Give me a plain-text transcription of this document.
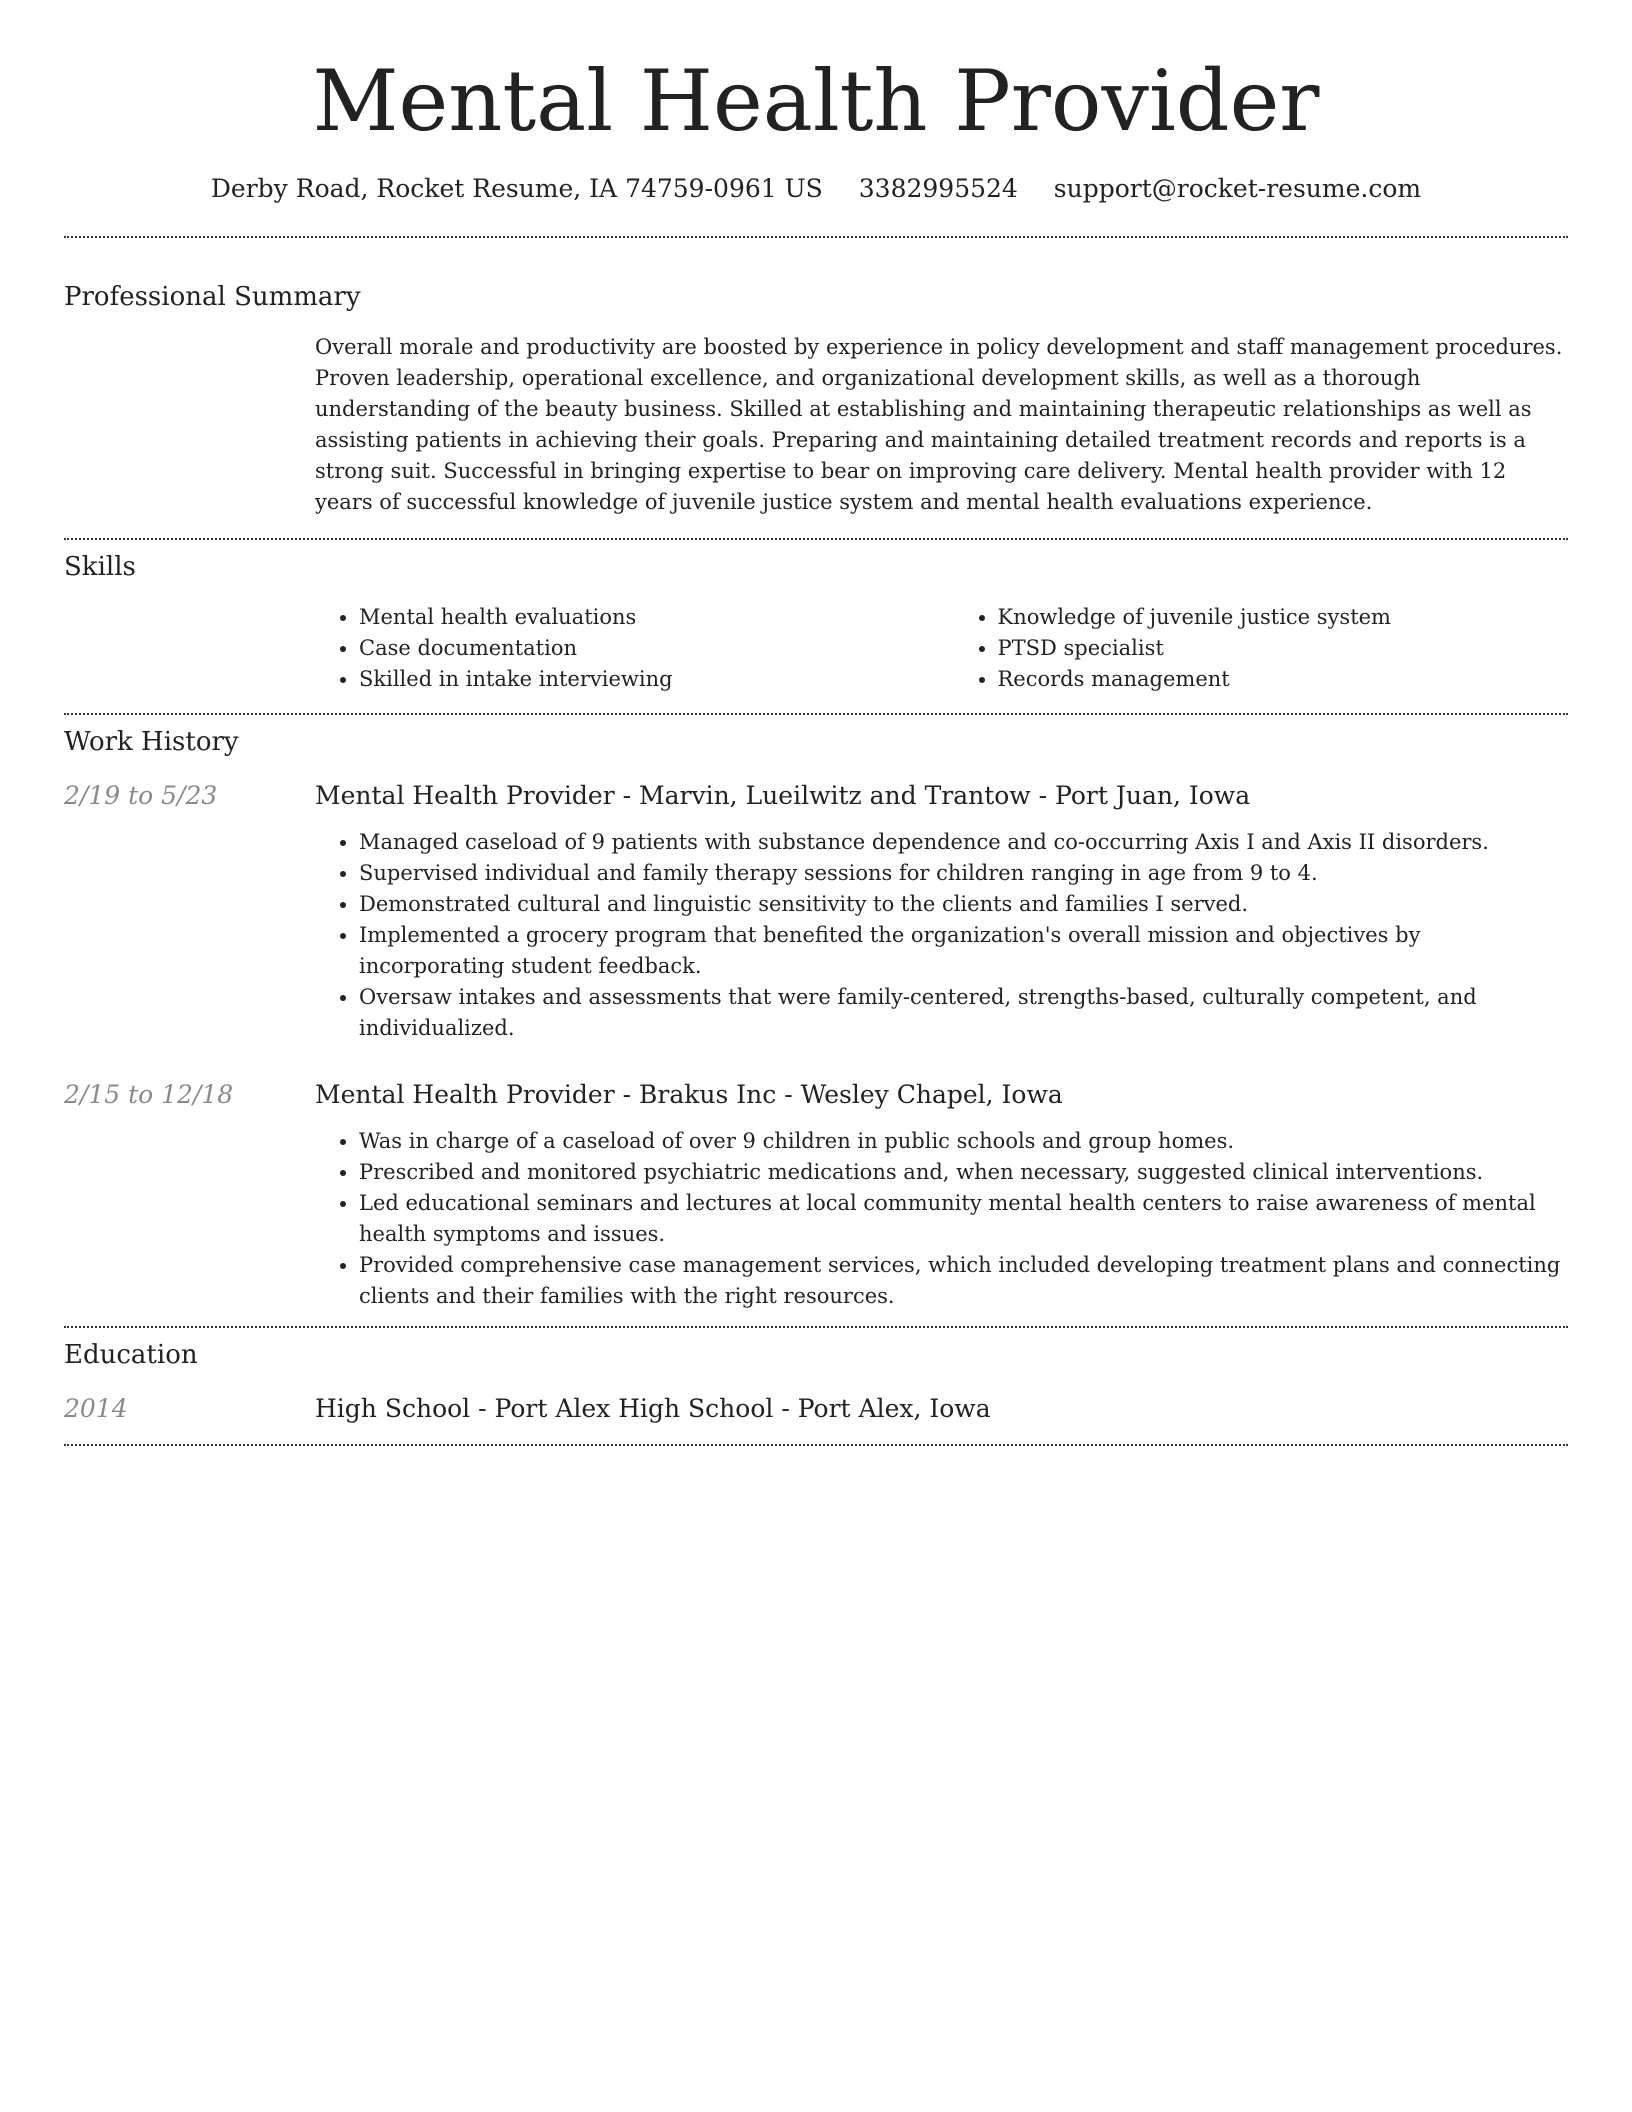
Mental Health Provider
Derby Road, Rocket Resume, IA 74759-0961 US 3382995524 support@rocket-resume.com
Professional Summary

Overall morale and productivity are boosted by experience in policy development and staff management procedures. Proven leadership, operational excellence, and organizational development skills, as well as a thorough understanding of the beauty business. Skilled at establishing and maintaining therapeutic relationships as well as assisting patients in achieving their goals. Preparing and maintaining detailed treatment records and reports is a strong suit. Successful in bringing expertise to bear on improving care delivery. Mental health provider with 12 years of successful knowledge of juvenile justice system and mental health evaluations experience.

Skills
• Mental health evaluations
• Case documentation
• Skilled in intake interviewing
• Knowledge of juvenile justice system
• PTSD specialist
• Records management
Work History
2/19 to 5/23	Mental Health Provider - Marvin, Lueilwitz and Trantow - Port Juan, Iowa
• Managed caseload of 9 patients with substance dependence and co-occurring Axis I and Axis II disorders.
• Supervised individual and family therapy sessions for children ranging in age from 9 to 4.
• Demonstrated cultural and linguistic sensitivity to the clients and families I served.
• Implemented a grocery program that benefited the organization's overall mission and objectives by incorporating student feedback.
• Oversaw intakes and assessments that were family-centered, strengths-based, culturally competent, and individualized.
2/15 to 12/18	Mental Health Provider - Brakus Inc - Wesley Chapel, Iowa
• Was in charge of a caseload of over 9 children in public schools and group homes.
• Prescribed and monitored psychiatric medications and, when necessary, suggested clinical interventions.
• Led educational seminars and lectures at local community mental health centers to raise awareness of mental health symptoms and issues.
• Provided comprehensive case management services, which included developing treatment plans and connecting clients and their families with the right resources.
Education
2014	High School - Port Alex High School - Port Alex, Iowa
